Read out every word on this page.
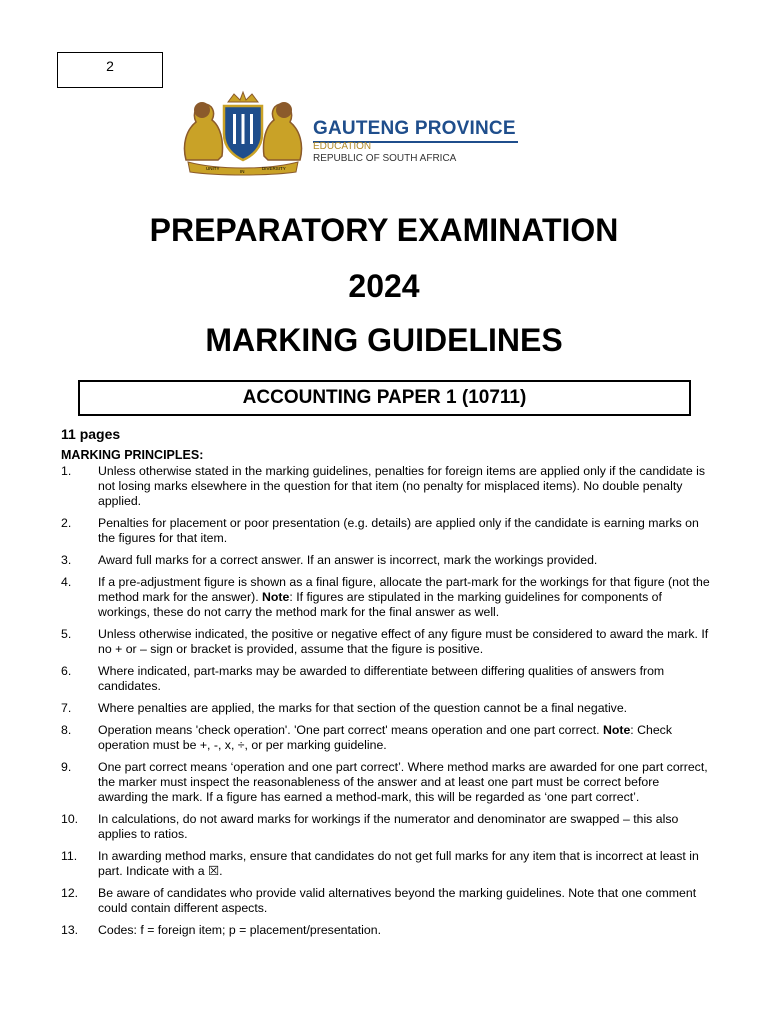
2
UNITY
IN
DIVERSITY
GAUTENG PROVINCE
EDUCATION
REPUBLIC OF SOUTH AFRICA
PREPARATORY EXAMINATION
2024
MARKING GUIDELINES
ACCOUNTING PAPER 1 (10711)
11 pages
MARKING PRINCIPLES:
1. Unless otherwise stated in the marking guidelines, penalties for foreign items are applied only if the candidate is not losing marks elsewhere in the question for that item (no penalty for misplaced items). No double penalty applied.
2. Penalties for placement or poor presentation (e.g. details) are applied only if the candidate is earning marks on the figures for that item.
3. Award full marks for a correct answer. If an answer is incorrect, mark the workings provided.
4. If a pre-adjustment figure is shown as a final figure, allocate the part-mark for the workings for that figure (not the method mark for the answer). Note: If figures are stipulated in the marking guidelines for components of workings, these do not carry the method mark for the final answer as well.
5. Unless otherwise indicated, the positive or negative effect of any figure must be considered to award the mark. If no + or – sign or bracket is provided, assume that the figure is positive.
6. Where indicated, part-marks may be awarded to differentiate between differing qualities of answers from candidates.
7. Where penalties are applied, the marks for that section of the question cannot be a final negative.
8. Operation means 'check operation'. 'One part correct' means operation and one part correct. Note: Check operation must be +, -, x, ÷, or per marking guideline.
9. One part correct means ‘operation and one part correct’. Where method marks are awarded for one part correct, the marker must inspect the reasonableness of the answer and at least one part must be correct before awarding the mark. If a figure has earned a method-mark, this will be regarded as ‘one part correct’.
10. In calculations, do not award marks for workings if the numerator and denominator are swapped – this also applies to ratios.
11. In awarding method marks, ensure that candidates do not get full marks for any item that is incorrect at least in part. Indicate with a ☒.
12. Be aware of candidates who provide valid alternatives beyond the marking guidelines. Note that one comment could contain different aspects.
13. Codes: f = foreign item; p = placement/presentation.
